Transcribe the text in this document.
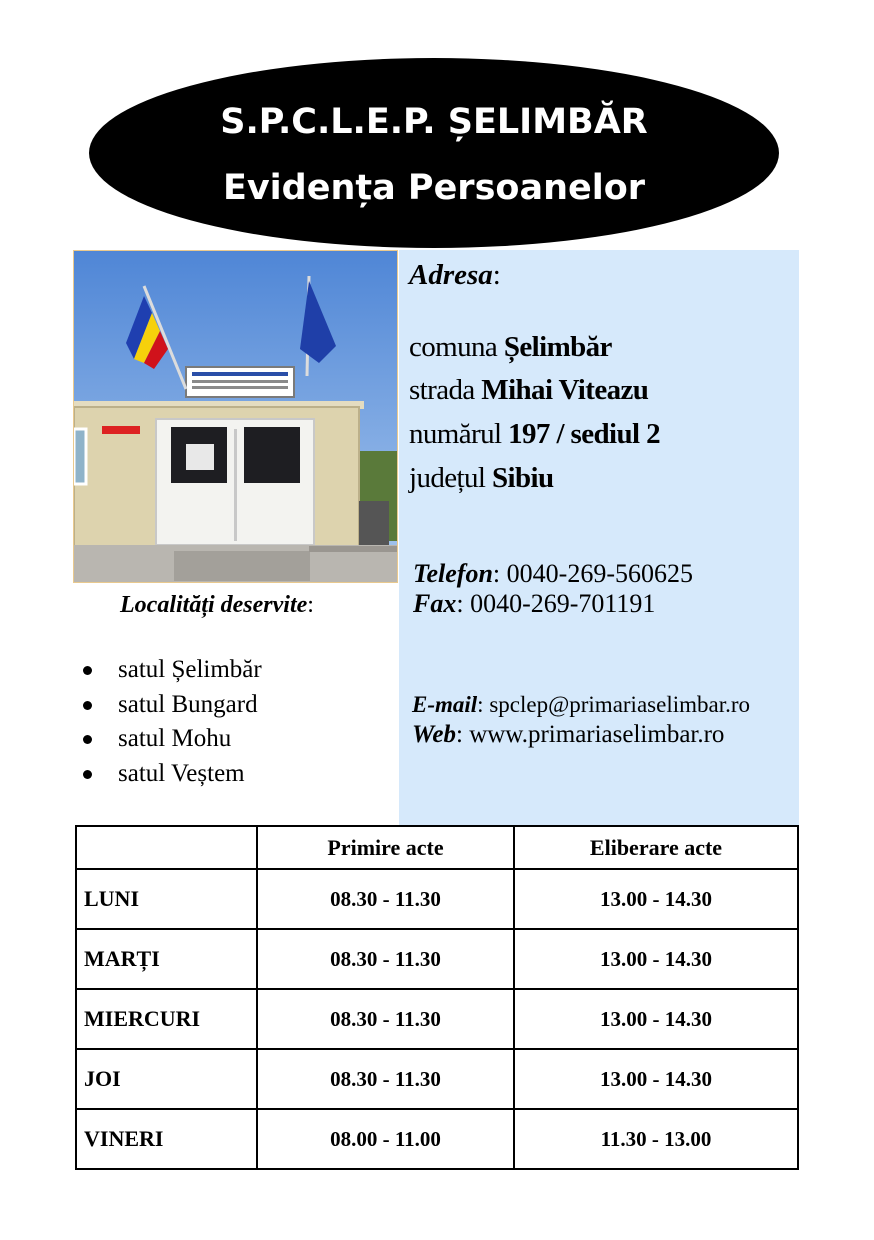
S.P.C.L.E.P. ȘELIMBĂR
Evidența Persoanelor
Adresa:
comuna Șelimbăr
strada Mihai Viteazu
numărul 197 / sediul 2
județul Sibiu
Telefon: 0040-269-560625
Fax: 0040-269-701191
E-mail: spclep@primariaselimbar.ro
Web: www.primariaselimbar.ro
Localități deservite:
satul Șelimbăr
satul Bungard
satul Mohu
satul Veștem
	Primire acte	Eliberare acte
LUNI	08.30 - 11.30	13.00 - 14.30
MARȚI	08.30 - 11.30	13.00 - 14.30
MIERCURI	08.30 - 11.30	13.00 - 14.30
JOI	08.30 - 11.30	13.00 - 14.30
VINERI	08.00 - 11.00	11.30 - 13.00
